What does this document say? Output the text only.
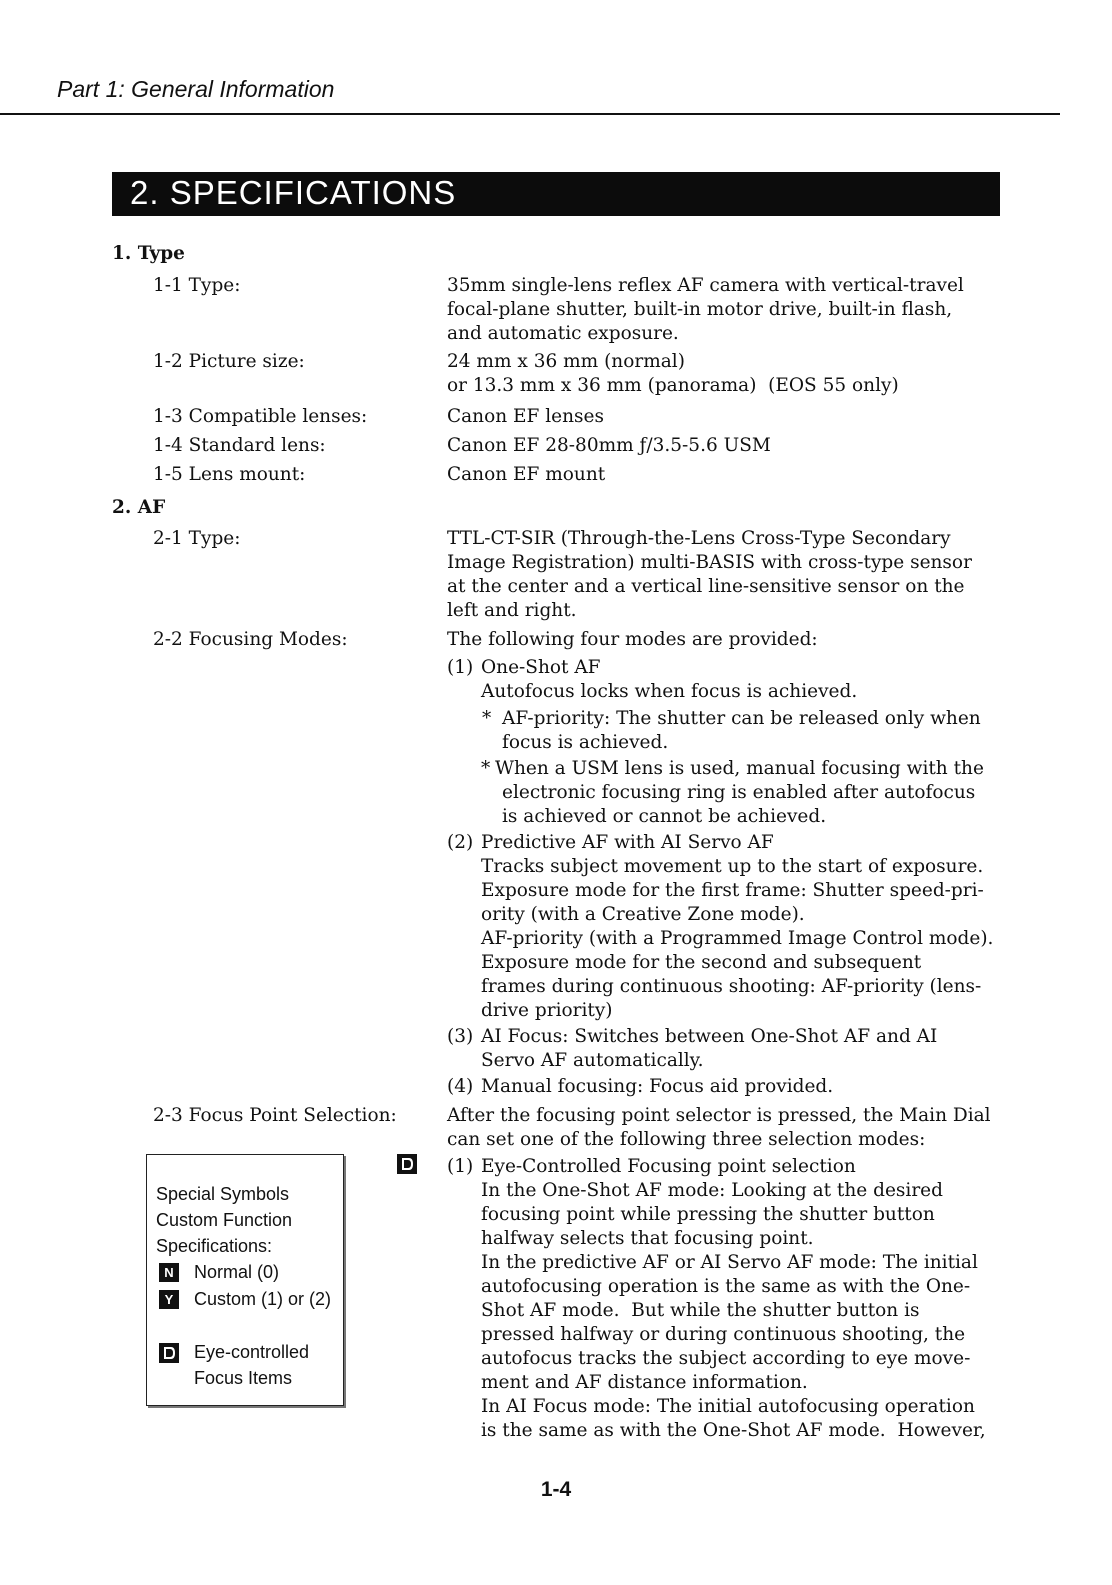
Part 1: General Information
2. SPECIFICATIONS
1. Type
1-1 Type:	35mm single-lens reflex AF camera with vertical-travel

focal-plane shutter, built-in motor drive, built-in flash,

and automatic exposure.

1-2 Picture size:	24 mm x 36 mm (normal)

or 13.3 mm x 36 mm (panorama)  (EOS 55 only)

1-3 Compatible lenses:	Canon EF lenses
1-4 Standard lens:	Canon EF 28-80mm ƒ/3.5-5.6 USM
1-5 Lens mount:	Canon EF mount
2. AF
2-1 Type:	TTL-CT-SIR (Through-the-Lens Cross-Type Secondary

Image Registration) multi-BASIS with cross-type sensor

at the center and a vertical line-sensitive sensor on the

left and right.

2-2 Focusing Modes:	The following four modes are provided:
(1) One-Shot AF

Autofocus locks when focus is achieved.

* AF-priority: The shutter can be released only when

focus is achieved.

* When a USM lens is used, manual focusing with the

electronic focusing ring is enabled after autofocus

is achieved or cannot be achieved.

(2) Predictive AF with AI Servo AF

Tracks subject movement up to the start of exposure.

Exposure mode for the first frame: Shutter speed-pri-

ority (with a Creative Zone mode).

AF-priority (with a Programmed Image Control mode).

Exposure mode for the second and subsequent

frames during continuous shooting: AF-priority (lens-

drive priority)

(3) AI Focus: Switches between One-Shot AF and AI

Servo AF automatically.

(4) Manual focusing: Focus aid provided.
2-3 Focus Point Selection:	After the focusing point selector is pressed, the Main Dial

can set one of the following three selection modes:

(1) Eye-Controlled Focusing point selection

In the One-Shot AF mode: Looking at the desired

focusing point while pressing the shutter button

halfway selects that focusing point.

In the predictive AF or AI Servo AF mode: The initial

autofocusing operation is the same as with the One-

Shot AF mode.  But while the shutter button is

pressed halfway or during continuous shooting, the

autofocus tracks the subject according to eye move-

ment and AF distance information.

In AI Focus mode: The initial autofocusing operation

is the same as with the One-Shot AF mode.  However,

Special Symbols
Custom Function
Specifications:
N Normal (0)
Y	Custom (1) or (2)
Eye-controlled
Focus Items
1-4
